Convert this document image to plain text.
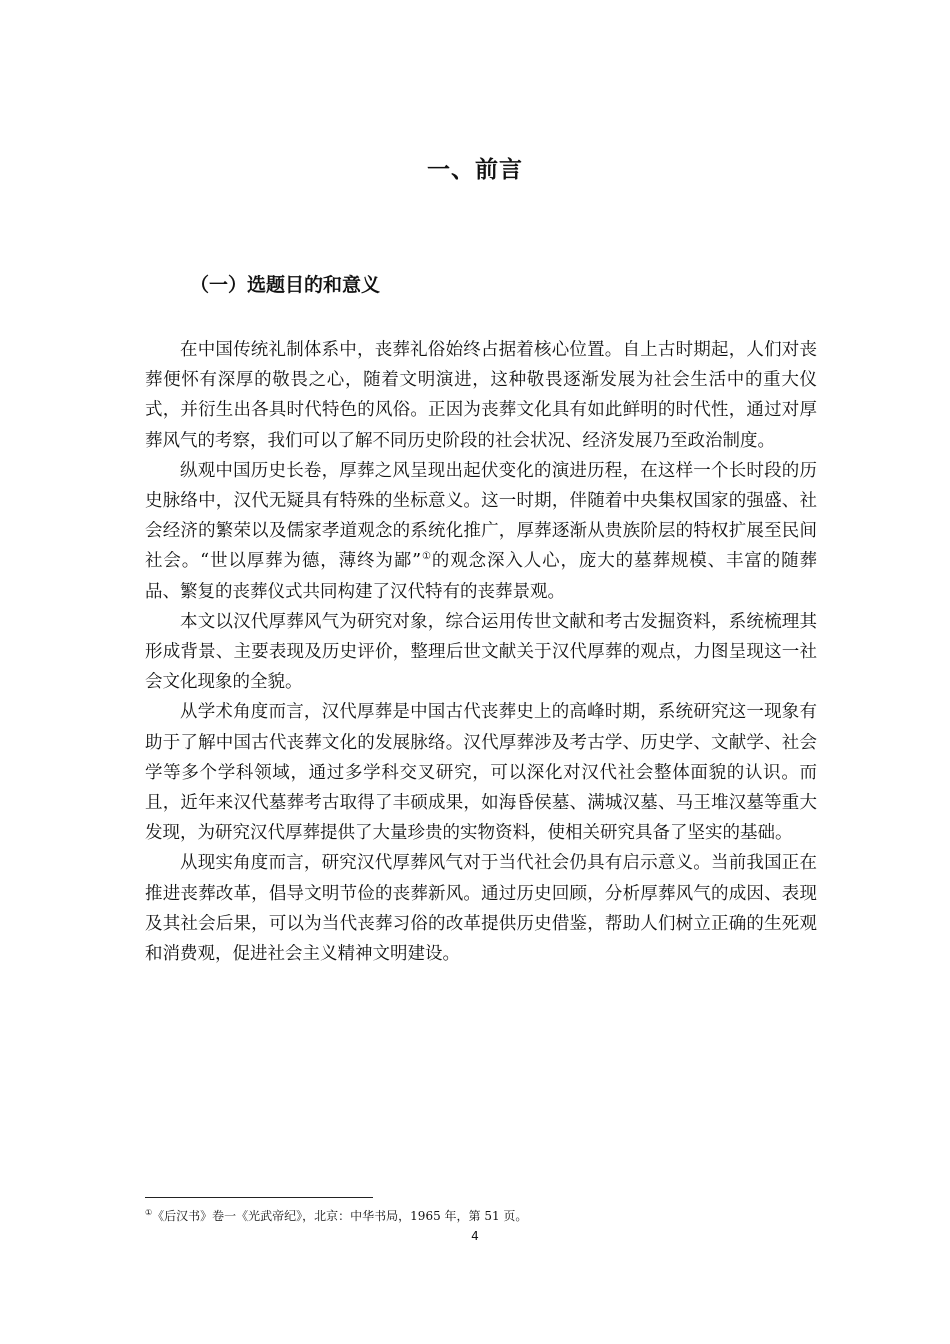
一、前言
（一）选题目的和意义

在中国传统礼制体系中，丧葬礼俗始终占据着核心位置。自上古时期起，人们对丧葬便怀有深厚的敬畏之心，随着文明演进，这种敬畏逐渐发展为社会生活中的重大仪式，并衍生出各具时代特色的风俗。正因为丧葬文化具有如此鲜明的时代性，通过对厚葬风气的考察，我们可以了解不同历史阶段的社会状况、经济发展乃至政治制度。

纵观中国历史长卷，厚葬之风呈现出起伏变化的演进历程，在这样一个长时段的历史脉络中，汉代无疑具有特殊的坐标意义。这一时期，伴随着中央集权国家的强盛、社会经济的繁荣以及儒家孝道观念的系统化推广，厚葬逐渐从贵族阶层的特权扩展至民间社会。“世以厚葬为德，薄终为鄙”①的观念深入人心，庞大的墓葬规模、丰富的随葬品、繁复的丧葬仪式共同构建了汉代特有的丧葬景观。

本文以汉代厚葬风气为研究对象，综合运用传世文献和考古发掘资料，系统梳理其形成背景、主要表现及历史评价，整理后世文献关于汉代厚葬的观点，力图呈现这一社会文化现象的全貌。

从学术角度而言，汉代厚葬是中国古代丧葬史上的高峰时期，系统研究这一现象有助于了解中国古代丧葬文化的发展脉络。汉代厚葬涉及考古学、历史学、文献学、社会学等多个学科领域，通过多学科交叉研究，可以深化对汉代社会整体面貌的认识。而且，近年来汉代墓葬考古取得了丰硕成果，如海昏侯墓、满城汉墓、马王堆汉墓等重大发现，为研究汉代厚葬提供了大量珍贵的实物资料，使相关研究具备了坚实的基础。

从现实角度而言，研究汉代厚葬风气对于当代社会仍具有启示意义。当前我国正在推进丧葬改革，倡导文明节俭的丧葬新风。通过历史回顾，分析厚葬风气的成因、表现及其社会后果，可以为当代丧葬习俗的改革提供历史借鉴，帮助人们树立正确的生死观和消费观，促进社会主义精神文明建设。

①《后汉书》卷一《光武帝纪》，北京：中华书局，1965 年，第 51 页。

4
